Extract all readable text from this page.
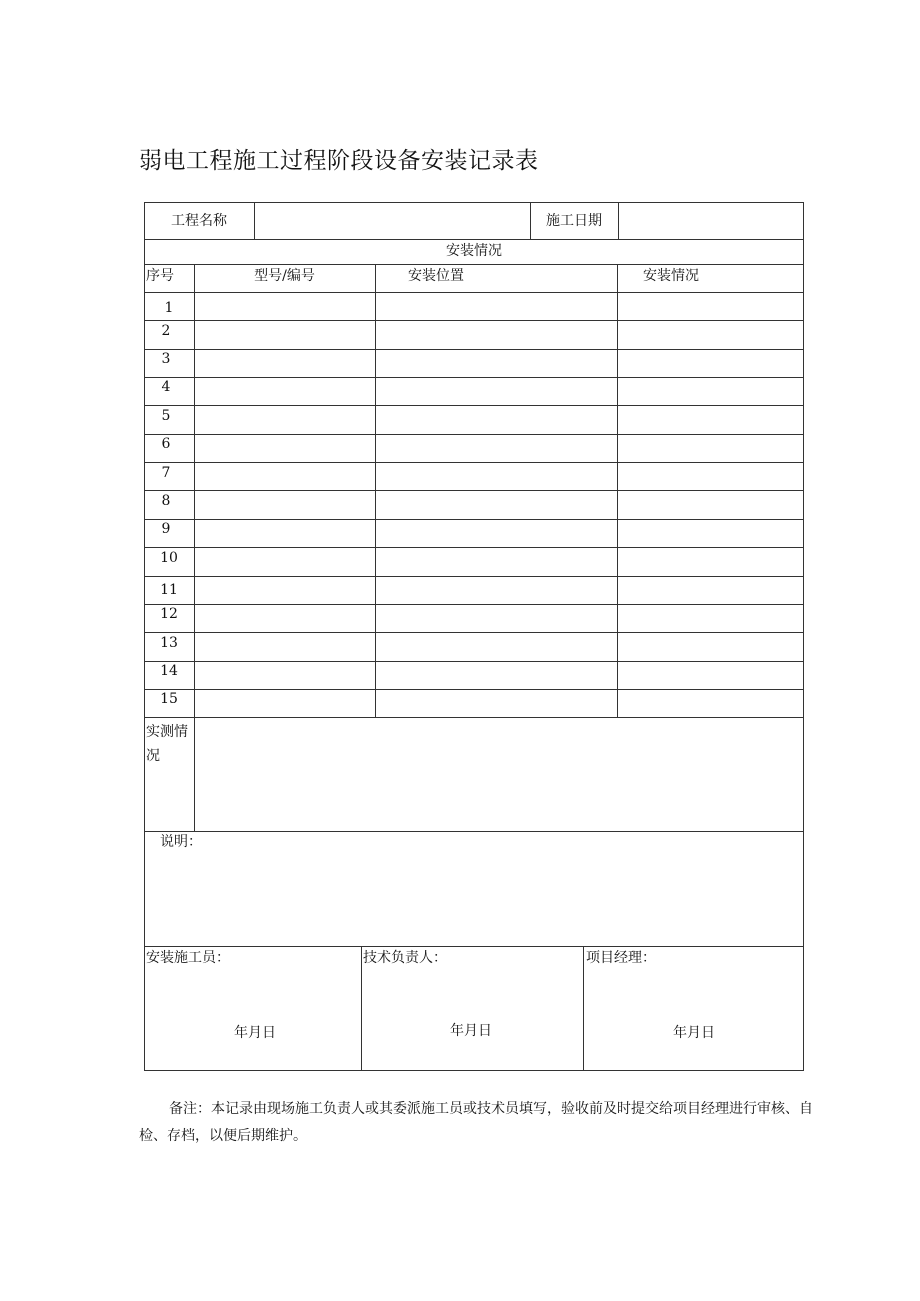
弱电工程施工过程阶段设备安装记录表
工程名称	施工日期
安装情况
序号	型号/编号	安装位置	安装情况
1
2
3
4
5
6
7
8
9
10
11
12
13
14
15
实测情
况
说明：
安装施工员：	技术负责人：	项目经理：
年月日	年月日	年月日
备注：本记录由现场施工负责人或其委派施工员或技术员填写，验收前及时提交给项目经理进行审核、自检、存档，以便后期维护。
